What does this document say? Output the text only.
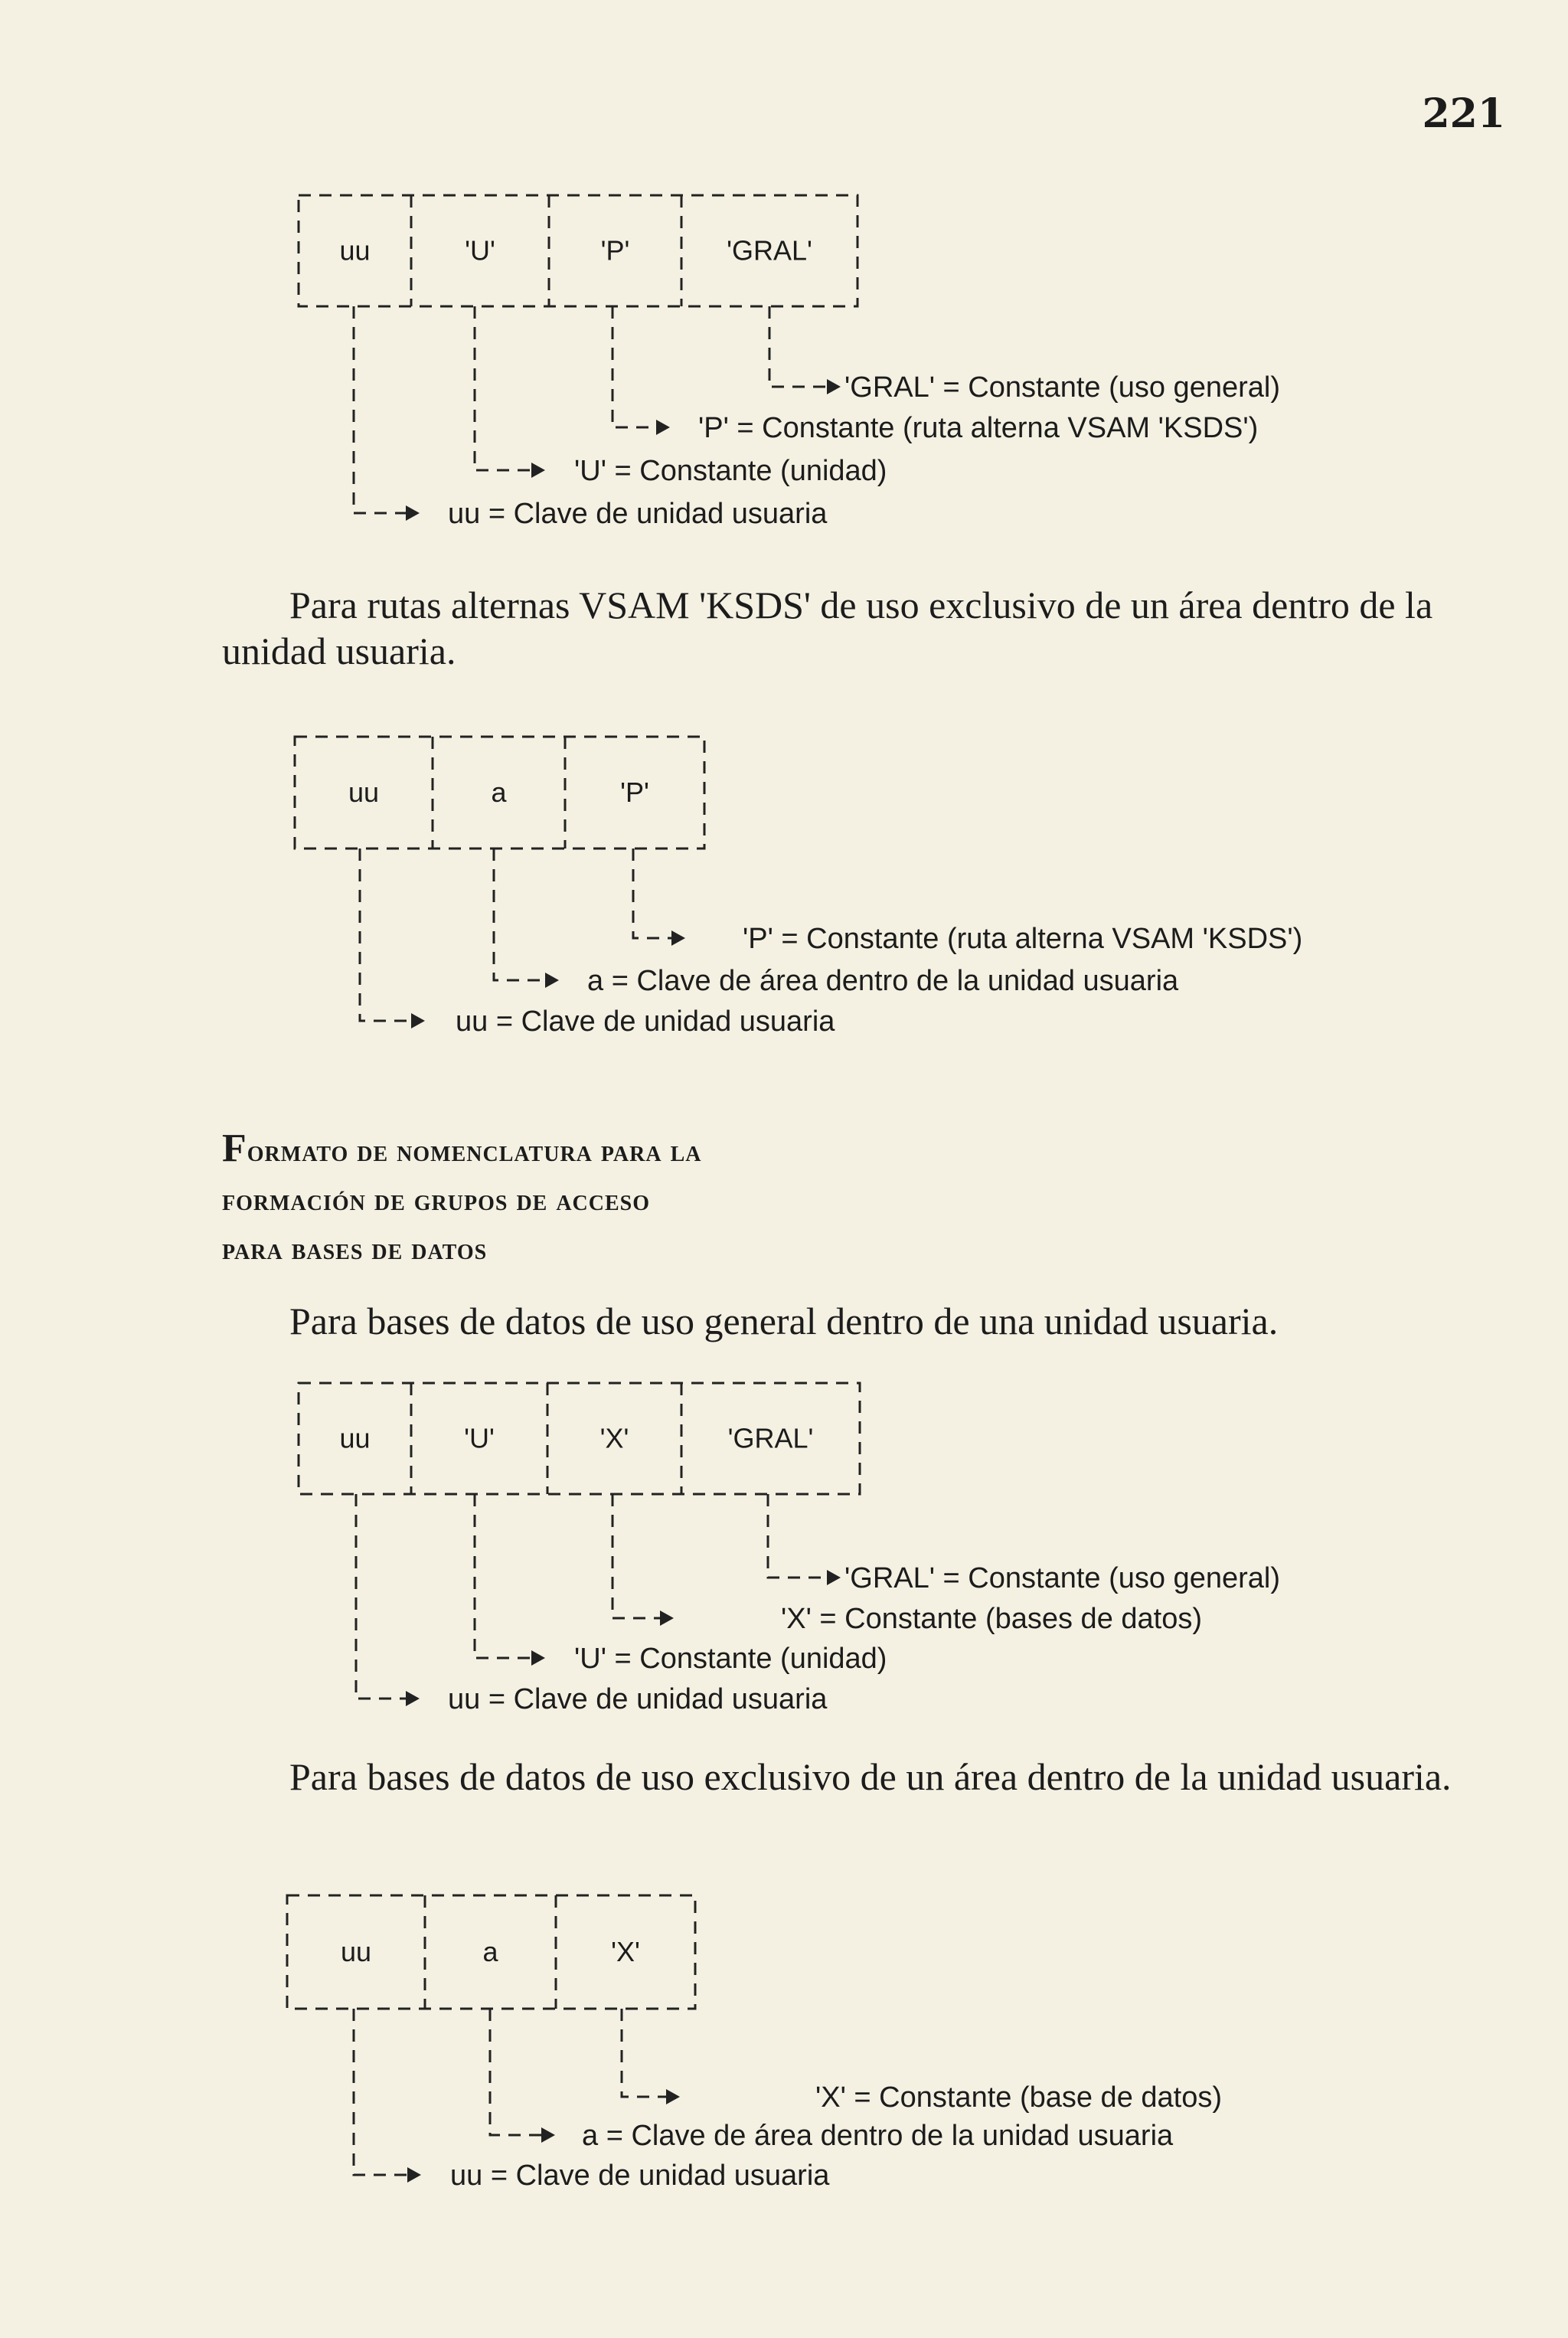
221
uu	'U'	'P'	'GRAL'
'GRAL' = Constante (uso general)
'P' = Constante (ruta alterna VSAM 'KSDS')
'U' = Constante (unidad)
uu = Clave de unidad usuaria

Para rutas alternas VSAM 'KSDS' de uso exclusivo de un área dentro de la unidad usuaria.

uu	a	'P'
'P' = Constante (ruta alterna VSAM 'KSDS')
a = Clave de área dentro de la unidad usuaria
uu = Clave de unidad usuaria
Formato de nomenclatura para la
formación de grupos de acceso
para bases de datos

Para bases de datos de uso general dentro de una unidad usuaria.

uu	'U'	'X'	'GRAL'
'GRAL' = Constante (uso general)
'X' = Constante (bases de datos)
'U' = Constante (unidad)
uu = Clave de unidad usuaria

Para bases de datos de uso exclusivo de un área dentro de la unidad usuaria.

uu	a	'X'
'X' = Constante (base de datos)
a = Clave de área dentro de la unidad usuaria
uu = Clave de unidad usuaria
